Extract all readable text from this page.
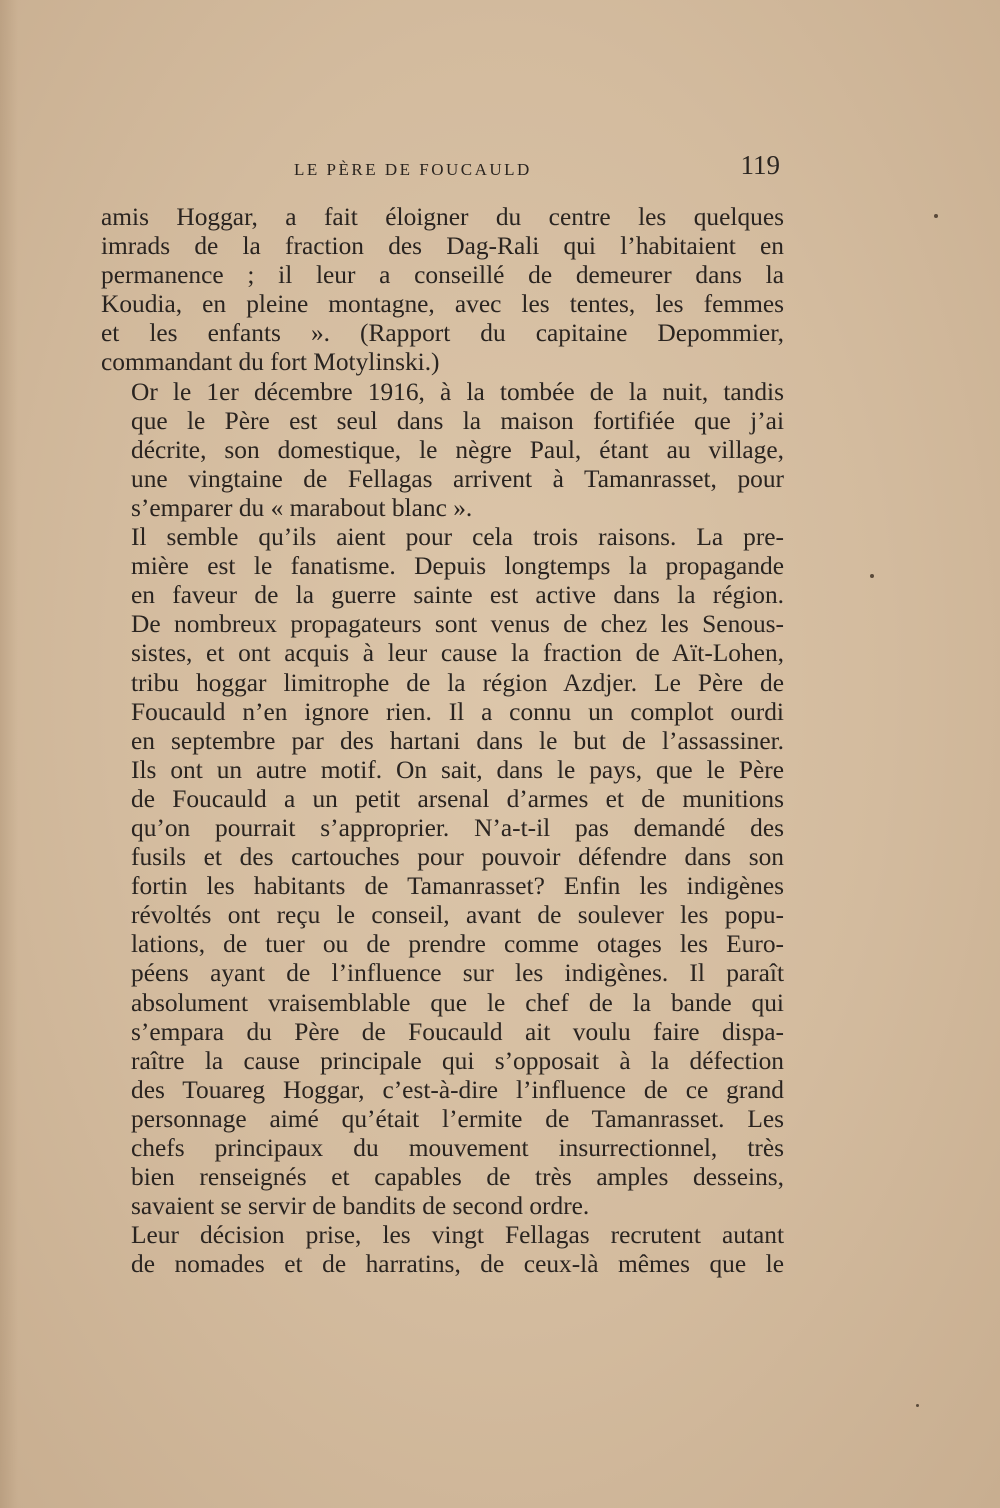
LE PÈRE DE FOUCAULD	119

amis Hoggar, a fait éloigner du centre les quelques
imrads de la fraction des Dag-Rali qui l’habitaient en
permanence ; il leur a conseillé de demeurer dans la
Koudia, en pleine montagne, avec les tentes, les femmes
et les enfants ». (Rapport du capitaine Depommier,
commandant du fort Motylinski.)

Or le 1er décembre 1916, à la tombée de la nuit, tandis
que le Père est seul dans la maison fortifiée que j’ai
décrite, son domestique, le nègre Paul, étant au village,
une vingtaine de Fellagas arrivent à Tamanrasset, pour
s’emparer du « marabout blanc ».

Il semble qu’ils aient pour cela trois raisons. La pre-
mière est le fanatisme. Depuis longtemps la propagande
en faveur de la guerre sainte est active dans la région.
De nombreux propagateurs sont venus de chez les Senous-
sistes, et ont acquis à leur cause la fraction de Aït-Lohen,
tribu hoggar limitrophe de la région Azdjer. Le Père de
Foucauld n’en ignore rien. Il a connu un complot ourdi
en septembre par des hartani dans le but de l’assassiner.
Ils ont un autre motif. On sait, dans le pays, que le Père
de Foucauld a un petit arsenal d’armes et de munitions
qu’on pourrait s’approprier. N’a-t-il pas demandé des
fusils et des cartouches pour pouvoir défendre dans son
fortin les habitants de Tamanrasset? Enfin les indigènes
révoltés ont reçu le conseil, avant de soulever les popu-
lations, de tuer ou de prendre comme otages les Euro-
péens ayant de l’influence sur les indigènes. Il paraît
absolument vraisemblable que le chef de la bande qui
s’empara du Père de Foucauld ait voulu faire dispa-
raître la cause principale qui s’opposait à la défection
des Touareg Hoggar, c’est-à-dire l’influence de ce grand
personnage aimé qu’était l’ermite de Tamanrasset. Les
chefs principaux du mouvement insurrectionnel, très
bien renseignés et capables de très amples desseins,
savaient se servir de bandits de second ordre.

Leur décision prise, les vingt Fellagas recrutent autant
de nomades et de harratins, de ceux-là mêmes que le
